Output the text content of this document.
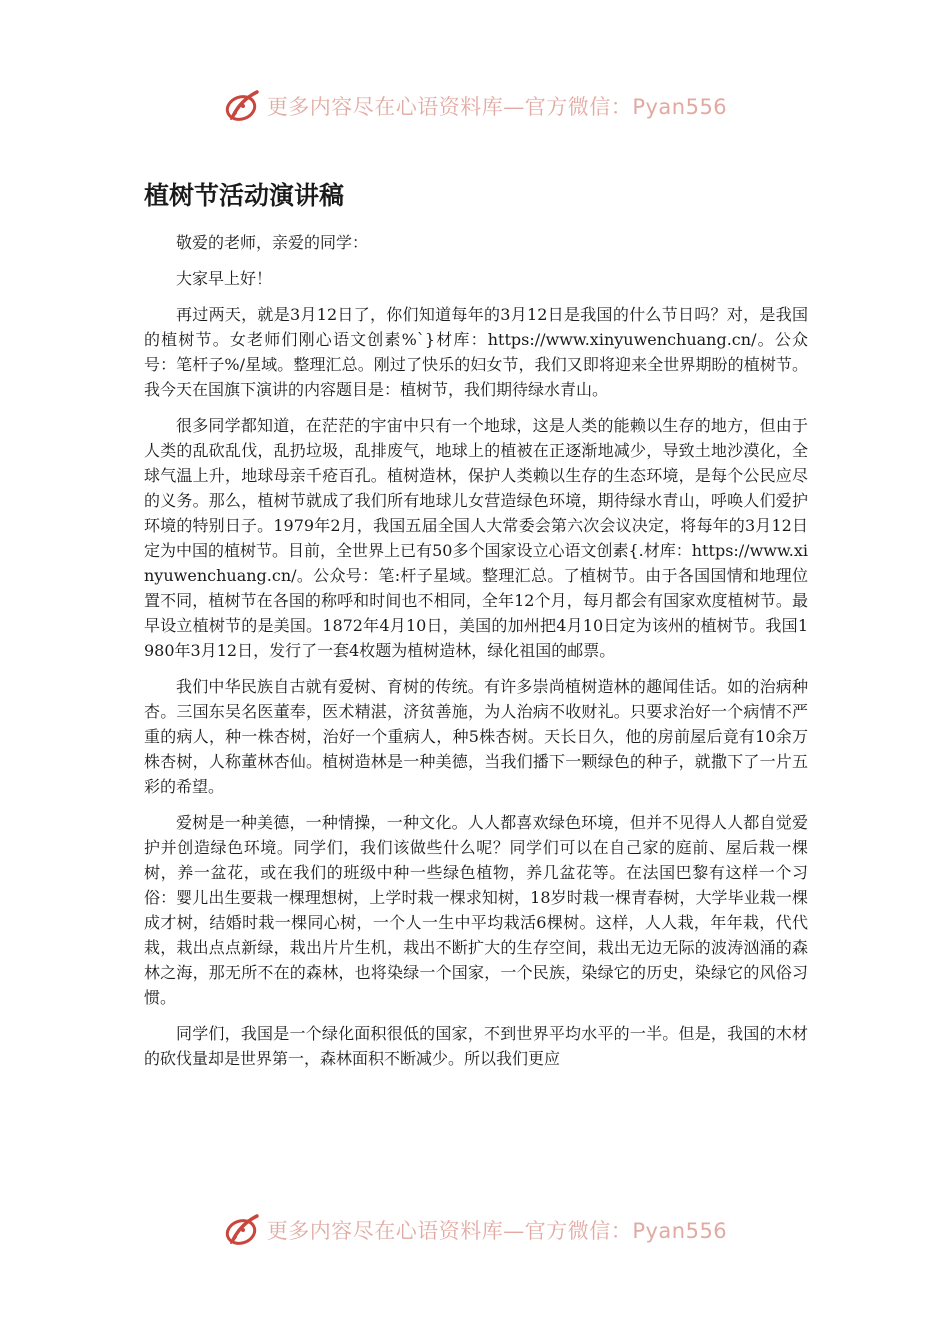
更多内容尽在心语资料库—官方微信：Pyan556
植树节活动演讲稿

敬爱的老师，亲爱的同学：

大家早上好！

再过两天，就是3月12日了，你们知道每年的3月12日是我国的什么节日吗？对，是我国的植树节。女老师们刚心语文创素%`}材库：https://www.xinyuwenchuang.cn/。公众号：笔杆子%/星域。整理汇总。刚过了快乐的妇女节，我们又即将迎来全世界期盼的植树节。我今天在国旗下演讲的内容题目是：植树节，我们期待绿水青山。

很多同学都知道，在茫茫的宇宙中只有一个地球，这是人类的能赖以生存的地方，但由于人类的乱砍乱伐，乱扔垃圾，乱排废气，地球上的植被在正逐渐地减少，导致土地沙漠化，全球气温上升，地球母亲千疮百孔。植树造林，保护人类赖以生存的生态环境，是每个公民应尽的义务。那么，植树节就成了我们所有地球儿女营造绿色环境，期待绿水青山，呼唤人们爱护环境的特别日子。1979年2月，我国五届全国人大常委会第六次会议决定，将每年的3月12日定为中国的植树节。目前，全世界上已有50多个国家设立心语文创素{.材库：https://www.xinyuwenchuang.cn/。公众号：笔:杆子星域。整理汇总。了植树节。由于各国国情和地理位置不同，植树节在各国的称呼和时间也不相同，全年12个月，每月都会有国家欢度植树节。最早设立植树节的是美国。1872年4月10日，美国的加州把4月10日定为该州的植树节。我国1980年3月12日，发行了一套4枚题为植树造林，绿化祖国的邮票。

我们中华民族自古就有爱树、育树的传统。有许多崇尚植树造林的趣闻佳话。如的治病种杏。三国东吴名医董奉，医术精湛，济贫善施，为人治病不收财礼。只要求治好一个病情不严重的病人，种一株杏树，治好一个重病人，种5株杏树。天长日久，他的房前屋后竟有10余万株杏树，人称董林杏仙。植树造林是一种美德，当我们播下一颗绿色的种子，就撒下了一片五彩的希望。

爱树是一种美德，一种情操，一种文化。人人都喜欢绿色环境，但并不见得人人都自觉爱护并创造绿色环境。同学们，我们该做些什么呢？同学们可以在自己家的庭前、屋后栽一棵树，养一盆花，或在我们的班级中种一些绿色植物，养几盆花等。在法国巴黎有这样一个习俗：婴儿出生要栽一棵理想树，上学时栽一棵求知树，18岁时栽一棵青春树，大学毕业栽一棵成才树，结婚时栽一棵同心树，一个人一生中平均栽活6棵树。这样，人人栽，年年栽，代代栽，栽出点点新绿，栽出片片生机，栽出不断扩大的生存空间，栽出无边无际的波涛汹涌的森林之海，那无所不在的森林，也将染绿一个国家，一个民族，染绿它的历史，染绿它的风俗习惯。

同学们，我国是一个绿化面积很低的国家，不到世界平均水平的一半。但是，我国的木材的砍伐量却是世界第一，森林面积不断减少。所以我们更应

更多内容尽在心语资料库—官方微信：Pyan556
